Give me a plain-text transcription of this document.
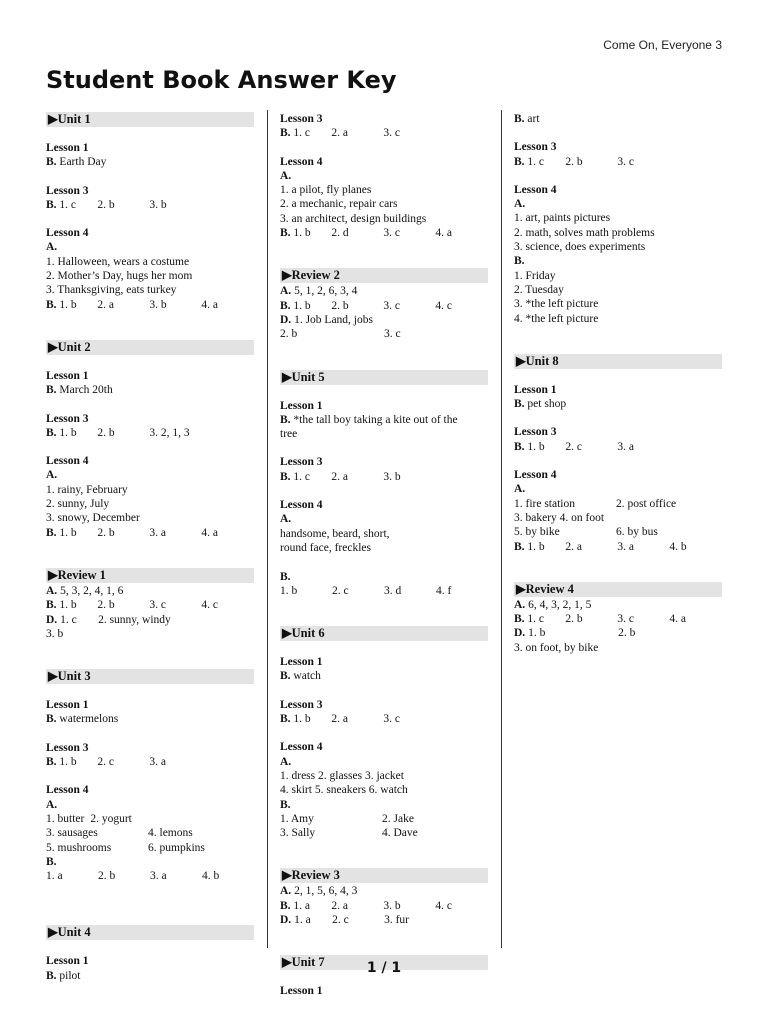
Come On, Everyone 3
Student Book Answer Key
▶Unit 1
Lesson 1
B. Earth Day
Lesson 3
B. 1. c 2. b	3. b
Lesson 4
A.
1. Halloween, wears a costume
2. Mother’s Day, hugs her mom
3. Thanksgiving, eats turkey
B. 1. b 2. a	3. b	4. a
▶Unit 2
Lesson 1
B. March 20th
Lesson 3
B. 1. b 2. b	3. 2, 1, 3
Lesson 4
A.
1. rainy, February
2. sunny, July
3. snowy, December
B. 1. b 2. b	3. a	4. a
▶Review 1
A. 5, 3, 2, 4, 1, 6
B. 1. b 2. b	3. c	4. c
D. 1. c 2. sunny, windy
3. b
▶Unit 3
Lesson 1
B. watermelons
Lesson 3
B. 1. b 2. c	3. a
Lesson 4
A.
1. butter 2. yogurt
3. sausages	4. lemons
5. mushrooms	6. pumpkins
B.
1. a	2. b	3. a	4. b
▶Unit 4
Lesson 1
B. pilot
Lesson 3
B. 1. c 2. a	3. c
Lesson 4
A.
1. a pilot, fly planes
2. a mechanic, repair cars
3. an architect, design buildings
B. 1. b 2. d	3. c	4. a
▶Review 2
A. 5, 1, 2, 6, 3, 4
B. 1. b 2. b	3. c	4. c
D. 1. Job Land, jobs
2. b	3. c
▶Unit 5
Lesson 1
B. *the tall boy taking a kite out of the
tree
Lesson 3
B. 1. c 2. a	3. b
Lesson 4
A.
handsome, beard, short,
round face, freckles

B.
1. b	2. c	3. d	4. f
▶Unit 6
Lesson 1
B. watch
Lesson 3
B. 1. b 2. a	3. c
Lesson 4
A.
1. dress 2. glasses 3. jacket
4. skirt 5. sneakers 6. watch
B.
1. Amy	2. Jake
3. Sally	4. Dave
▶Review 3
A. 2, 1, 5, 6, 4, 3
B. 1. a 2. a	3. b	4. c
D. 1. a 2. c	3. fur
▶Unit 7
Lesson 1
B. art
Lesson 3
B. 1. c 2. b	3. c
Lesson 4
A.
1. art, paints pictures
2. math, solves math problems
3. science, does experiments
B.
1. Friday
2. Tuesday
3. *the left picture
4. *the left picture
▶Unit 8
Lesson 1
B. pet shop
Lesson 3
B. 1. b 2. c	3. a
Lesson 4
A.
1. fire station	2. post office
3. bakery 4. on foot
5. by bike	6. by bus
B. 1. b 2. a	3. a	4. b
▶Review 4
A. 6, 4, 3, 2, 1, 5
B. 1. c 2. b	3. c	4. a
D. 1. b	2. b
3. on foot, by bike
1 / 1
